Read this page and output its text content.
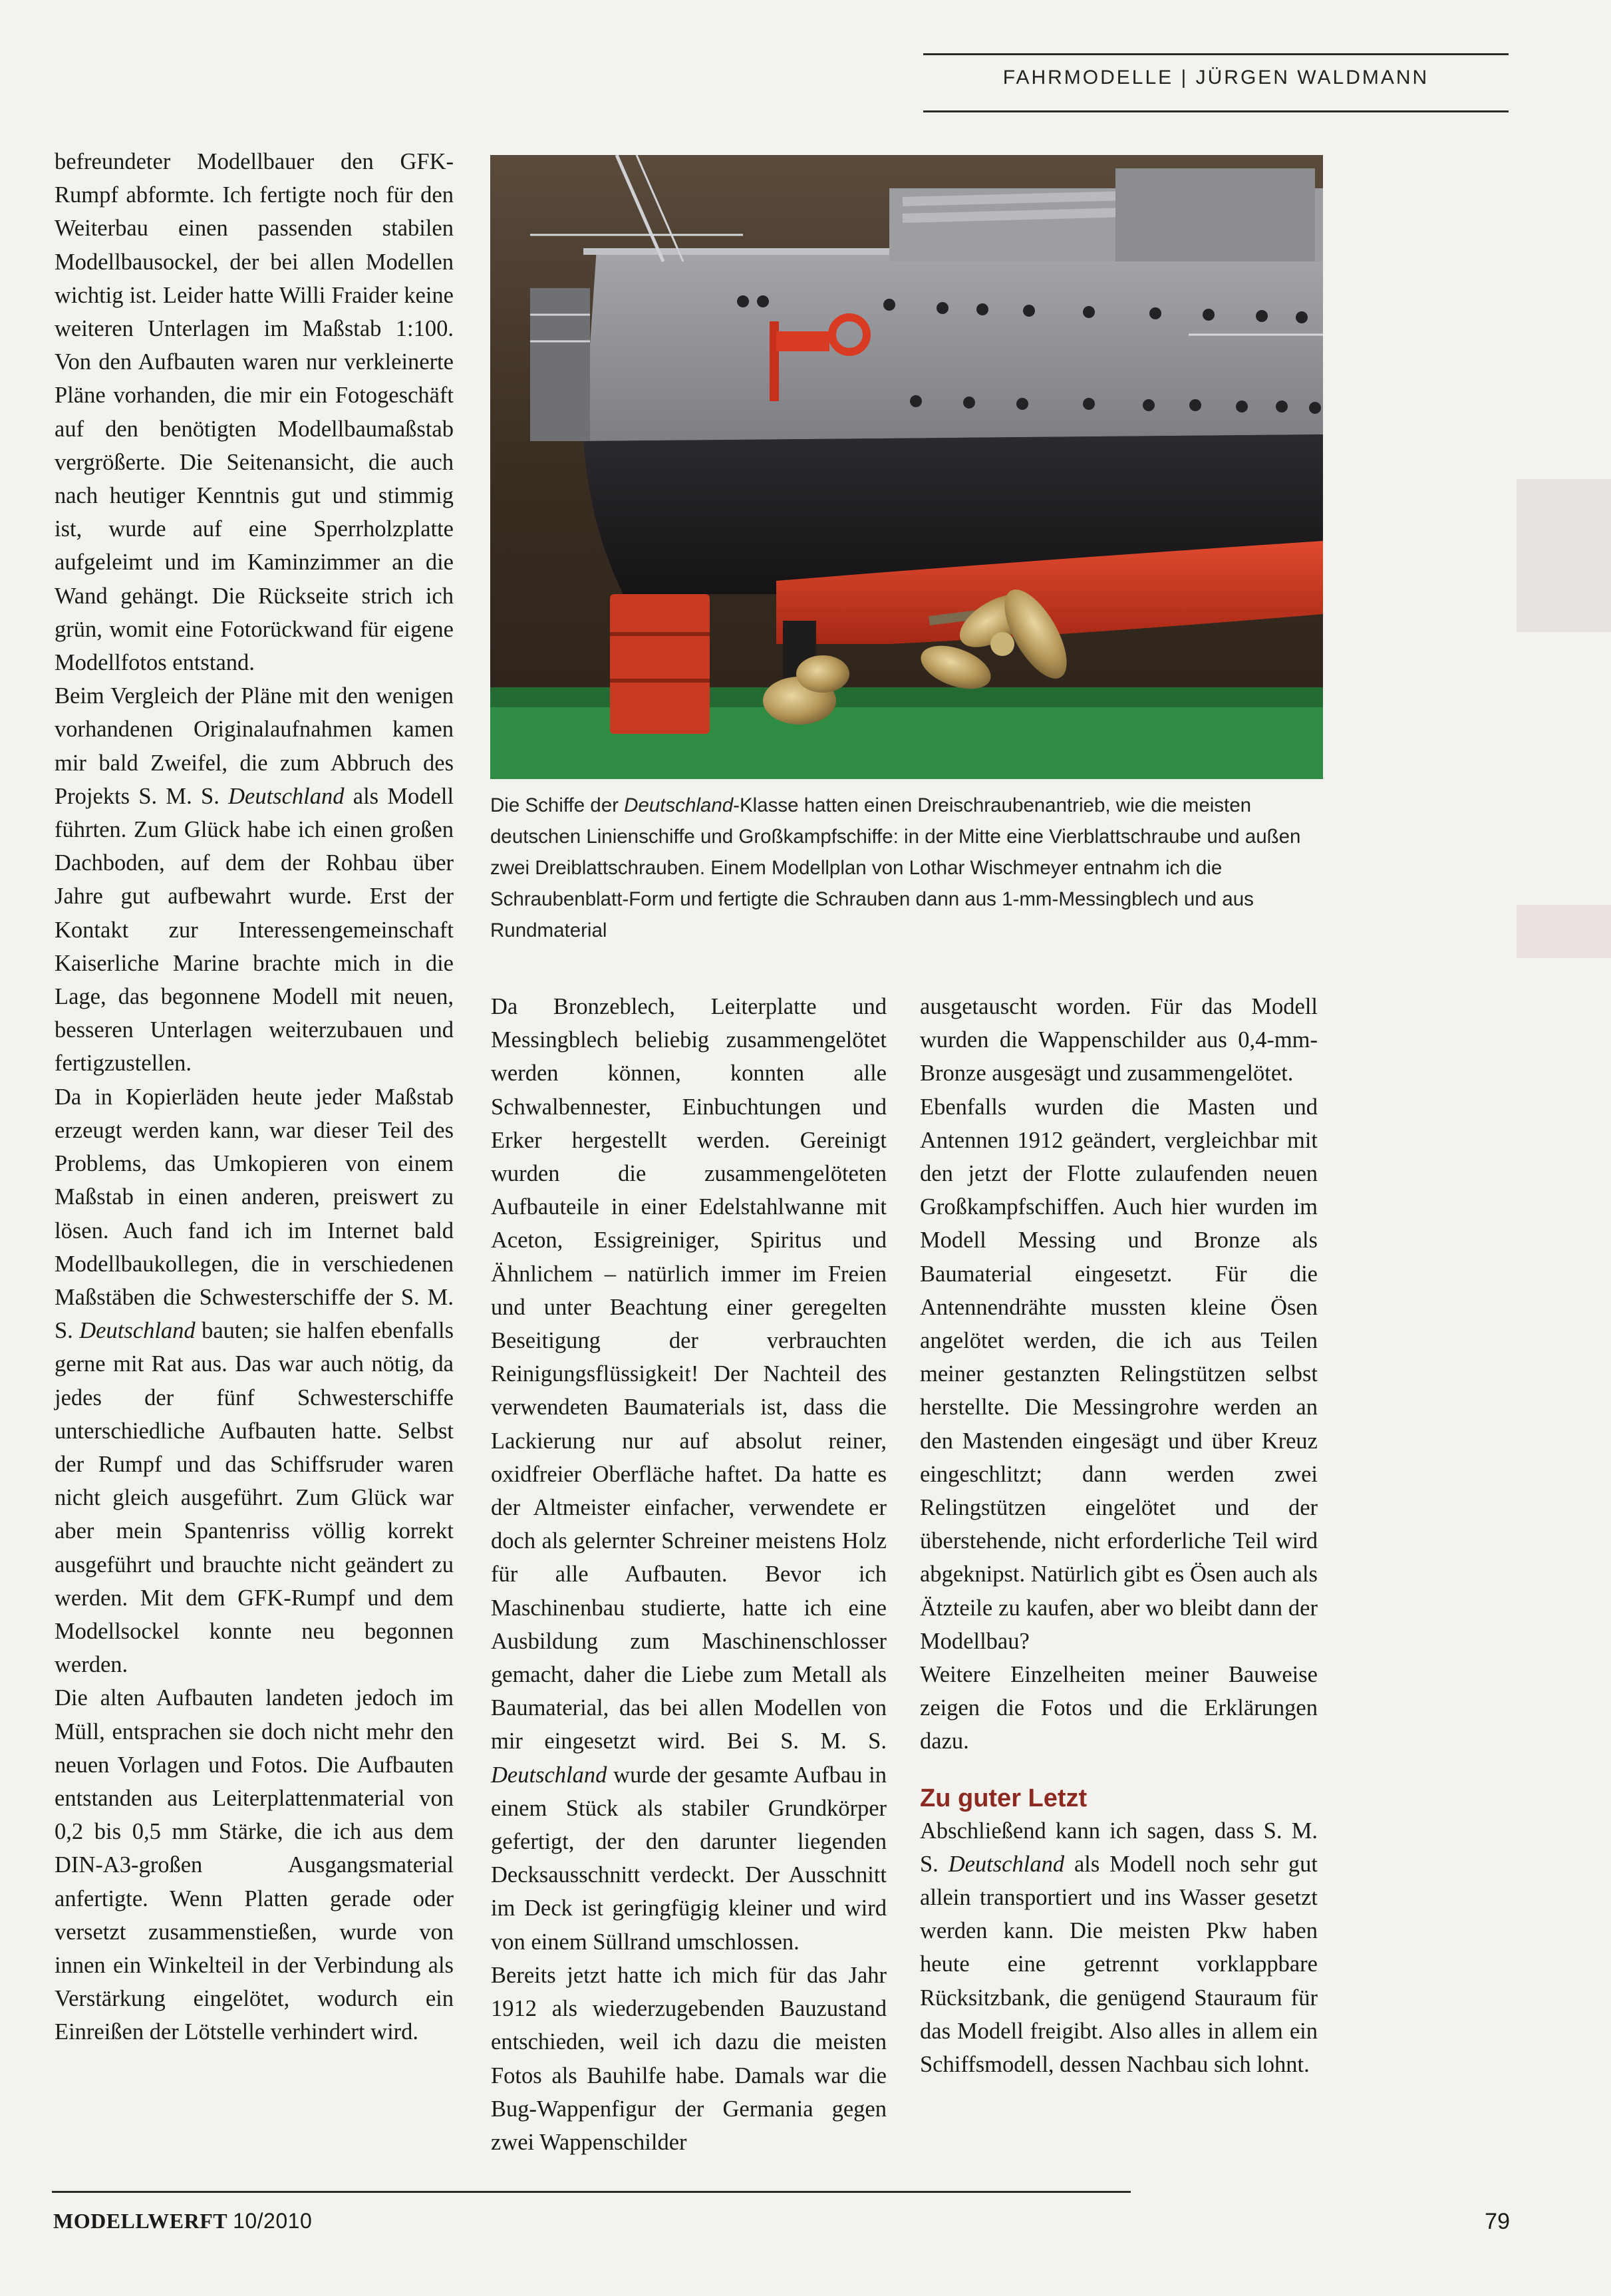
FAHRMODELLE | JÜRGEN WALDMANN

befreundeter Modellbauer den GFK-Rumpf abformte. Ich fertigte noch für den Weiterbau einen passenden stabilen Modellbausockel, der bei allen Modellen wichtig ist. Leider hatte Willi Fraider keine weiteren Unterlagen im Maßstab 1:100. Von den Aufbauten waren nur verkleinerte Pläne vorhanden, die mir ein Fotogeschäft auf den benötigten Modellbaumaßstab vergrößerte. Die Seitenansicht, die auch nach heutiger Kenntnis gut und stimmig ist, wurde auf eine Sperrholzplatte aufgeleimt und im Kaminzimmer an die Wand gehängt. Die Rückseite strich ich grün, womit eine Fotorückwand für eigene Modellfotos entstand.

Beim Vergleich der Pläne mit den wenigen vorhandenen Originalaufnahmen kamen mir bald Zweifel, die zum Abbruch des Projekts S. M. S. Deutschland als Modell führten. Zum Glück habe ich einen großen Dachboden, auf dem der Rohbau über Jahre gut aufbewahrt wurde. Erst der Kontakt zur Interessengemeinschaft Kaiserliche Marine brachte mich in die Lage, das begonnene Modell mit neuen, besseren Unterlagen weiterzubauen und fertigzustellen.

Da in Kopierläden heute jeder Maßstab erzeugt werden kann, war dieser Teil des Problems, das Umkopieren von einem Maßstab in einen anderen, preiswert zu lösen. Auch fand ich im Internet bald Modellbaukollegen, die in verschiedenen Maßstäben die Schwesterschiffe der S. M. S. Deutschland bauten; sie halfen ebenfalls gerne mit Rat aus. Das war auch nötig, da jedes der fünf Schwesterschiffe unterschiedliche Aufbauten hatte. Selbst der Rumpf und das Schiffsruder waren nicht gleich ausgeführt. Zum Glück war aber mein Spantenriss völlig korrekt ausgeführt und brauchte nicht geändert zu werden. Mit dem GFK-Rumpf und dem Modellsockel konnte neu begonnen werden.

Die alten Aufbauten landeten jedoch im Müll, entsprachen sie doch nicht mehr den neuen Vorlagen und Fotos. Die Aufbauten entstanden aus Leiterplattenmaterial von 0,2 bis 0,5 mm Stärke, die ich aus dem DIN-A3-großen Ausgangsmaterial anfertigte. Wenn Platten gerade oder versetzt zusammenstießen, wurde von innen ein Winkelteil in der Verbindung als Verstärkung eingelötet, wodurch ein Einreißen der Lötstelle verhindert wird.

Die Schiffe der Deutschland-Klasse hatten einen Dreischraubenantrieb, wie die meisten deutschen Linienschiffe und Großkampfschiffe: in der Mitte eine Vierblattschraube und außen zwei Dreiblattschrauben. Einem Modellplan von Lothar Wischmeyer entnahm ich die Schraubenblatt-Form und fertigte die Schrauben dann aus 1-mm-Messingblech und aus Rundmaterial

Da Bronzeblech, Leiterplatte und Messingblech beliebig zusammengelötet werden können, konnten alle Schwalbennester, Einbuchtungen und Erker hergestellt werden. Gereinigt wurden die zusammengelöteten Aufbauteile in einer Edelstahlwanne mit Aceton, Essigreiniger, Spiritus und Ähnlichem – natürlich immer im Freien und unter Beachtung einer geregelten Beseitigung der verbrauchten Reinigungsflüssigkeit! Der Nachteil des verwendeten Baumaterials ist, dass die Lackierung nur auf absolut reiner, oxidfreier Oberfläche haftet. Da hatte es der Altmeister einfacher, verwendete er doch als gelernter Schreiner meistens Holz für alle Aufbauten. Bevor ich Maschinenbau studierte, hatte ich eine Ausbildung zum Maschinenschlosser gemacht, daher die Liebe zum Metall als Baumaterial, das bei allen Modellen von mir eingesetzt wird. Bei S. M. S. Deutschland wurde der gesamte Aufbau in einem Stück als stabiler Grundkörper gefertigt, der den darunter liegenden Decksausschnitt verdeckt. Der Ausschnitt im Deck ist geringfügig kleiner und wird von einem Süllrand umschlossen.

Bereits jetzt hatte ich mich für das Jahr 1912 als wiederzugebenden Bauzustand entschieden, weil ich dazu die meisten Fotos als Bauhilfe habe. Damals war die Bug-Wappenfigur der Germania gegen zwei Wappenschilder

ausgetauscht worden. Für das Modell wurden die Wappenschilder aus 0,4-mm-Bronze ausgesägt und zusammengelötet.

Ebenfalls wurden die Masten und Antennen 1912 geändert, vergleichbar mit den jetzt der Flotte zulaufenden neuen Großkampfschiffen. Auch hier wurden im Modell Messing und Bronze als Baumaterial eingesetzt. Für die Antennendrähte mussten kleine Ösen angelötet werden, die ich aus Teilen meiner gestanzten Relingstützen selbst herstellte. Die Messingrohre werden an den Mastenden eingesägt und über Kreuz eingeschlitzt; dann werden zwei Relingstützen eingelötet und der überstehende, nicht erforderliche Teil wird abgeknipst. Natürlich gibt es Ösen auch als Ätzteile zu kaufen, aber wo bleibt dann der Modellbau?

Weitere Einzelheiten meiner Bauweise zeigen die Fotos und die Erklärungen dazu.

Zu guter Letzt

Abschließend kann ich sagen, dass S. M. S. Deutschland als Modell noch sehr gut allein transportiert und ins Wasser gesetzt werden kann. Die meisten Pkw haben heute eine getrennt vorklappbare Rücksitzbank, die genügend Stauraum für das Modell freigibt. Also alles in allem ein Schiffsmodell, dessen Nachbau sich lohnt.

MODELLWERFT 10/2010	79
